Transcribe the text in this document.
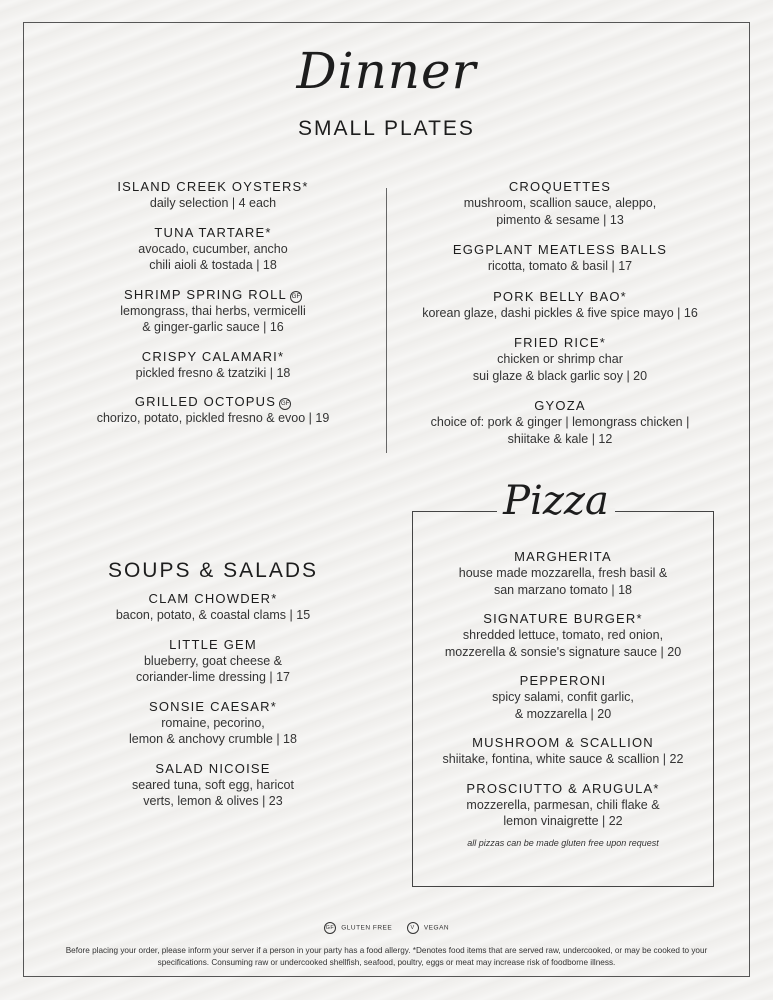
Dinner
SMALL PLATES
ISLAND CREEK OYSTERS*
daily selection | 4 each
TUNA TARTARE*
avocado, cucumber, ancho
chili aioli & tostada | 18
SHRIMP SPRING ROLL GF
lemongrass, thai herbs, vermicelli
& ginger-garlic sauce | 16
CRISPY CALAMARI*
pickled fresno & tzatziki | 18
GRILLED OCTOPUS GF
chorizo, potato, pickled fresno & evoo | 19
CROQUETTES
mushroom, scallion sauce, aleppo,
pimento & sesame | 13
EGGPLANT MEATLESS BALLS
ricotta, tomato & basil | 17
PORK BELLY BAO*
korean glaze, dashi pickles & five spice mayo | 16
FRIED RICE*
chicken or shrimp char
sui glaze & black garlic soy | 20
GYOZA
choice of: pork & ginger | lemongrass chicken |
shiitake & kale | 12
SOUPS & SALADS
CLAM CHOWDER*
bacon, potato, & coastal clams | 15
LITTLE GEM
blueberry, goat cheese &
coriander-lime dressing | 17
SONSIE CAESAR*
romaine, pecorino,
lemon & anchovy crumble | 18
SALAD NICOISE
seared tuna, soft egg, haricot
verts, lemon & olives | 23
Pizza
MARGHERITA
house made mozzarella, fresh basil &
san marzano tomato | 18
SIGNATURE BURGER*
shredded lettuce, tomato, red onion,
mozzerella & sonsie's signature sauce | 20
PEPPERONI
spicy salami, confit garlic,
& mozzarella | 20
MUSHROOM & SCALLION
shiitake, fontina, white sauce & scallion | 22
PROSCIUTTO & ARUGULA*
mozzerella, parmesan, chili flake &
lemon vinaigrette | 22
all pizzas can be made gluten free upon request
GF GLUTEN FREE	V VEGAN
Before placing your order, please inform your server if a person in your party has a food allergy. *Denotes food items that are served raw, undercooked, or may be cooked to your specifications. Consuming raw or undercooked shellfish, seafood, poultry, eggs or meat may increase risk of foodborne illness.
